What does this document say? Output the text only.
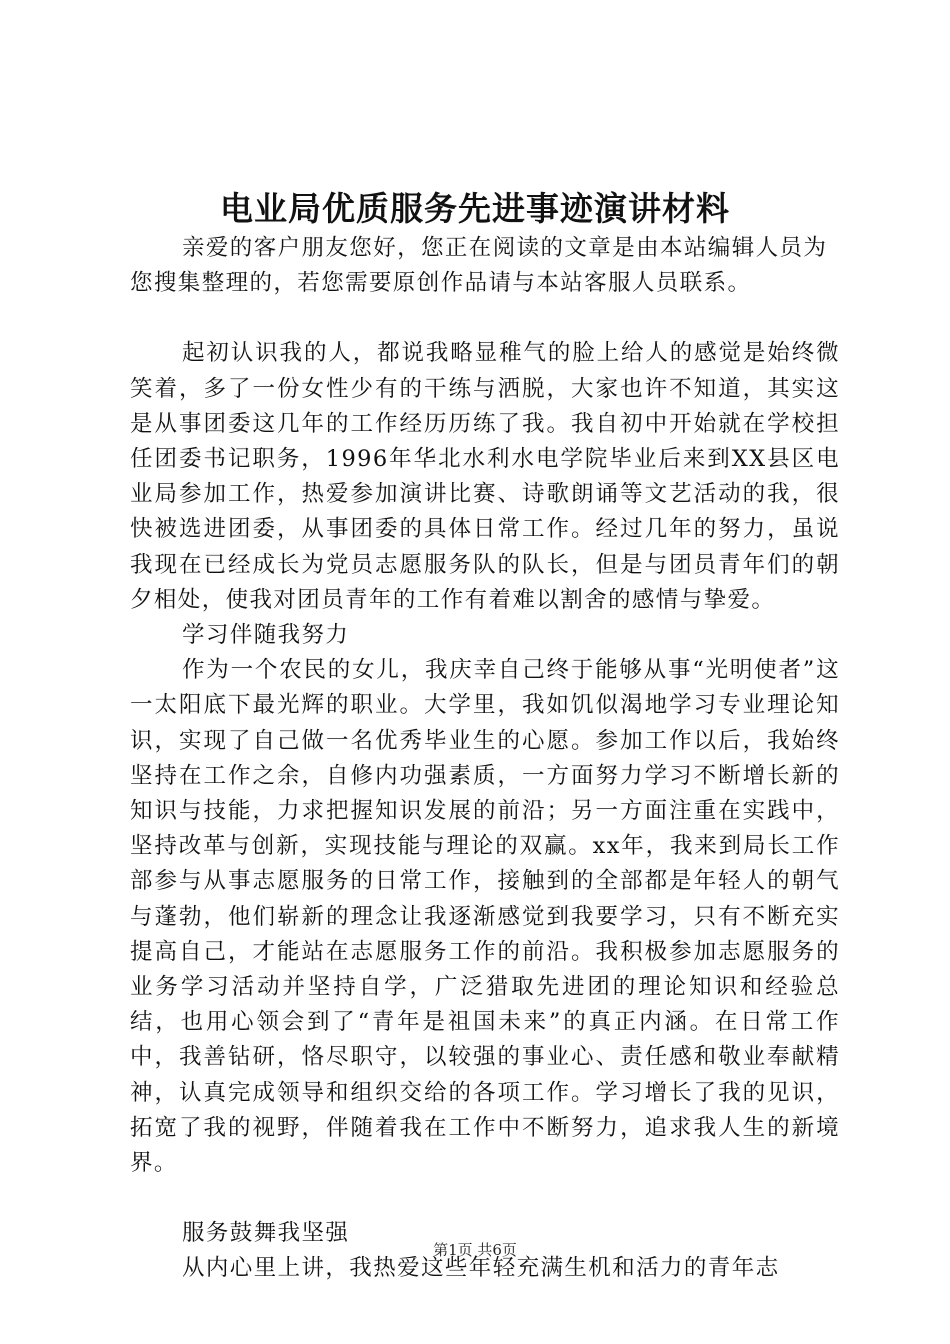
电业局优质服务先进事迹演讲材料

亲爱的客户朋友您好，您正在阅读的文章是由本站编辑人员为您搜集整理的，若您需要原创作品请与本站客服人员联系。

起初认识我的人，都说我略显稚气的脸上给人的感觉是始终微笑着，多了一份女性少有的干练与洒脱，大家也许不知道，其实这是从事团委这几年的工作经历历练了我。我自初中开始就在学校担任团委书记职务，1996年华北水利水电学院毕业后来到XX县区电业局参加工作，热爱参加演讲比赛、诗歌朗诵等文艺活动的我，很快被选进团委，从事团委的具体日常工作。经过几年的努力，虽说我现在已经成长为党员志愿服务队的队长，但是与团员青年们的朝夕相处，使我对团员青年的工作有着难以割舍的感情与挚爱。

学习伴随我努力

作为一个农民的女儿，我庆幸自己终于能够从事“光明使者”这一太阳底下最光辉的职业。大学里，我如饥似渴地学习专业理论知识，实现了自己做一名优秀毕业生的心愿。参加工作以后，我始终坚持在工作之余，自修内功强素质，一方面努力学习不断增长新的知识与技能，力求把握知识发展的前沿；另一方面注重在实践中，坚持改革与创新，实现技能与理论的双赢。xx年，我来到局长工作部参与从事志愿服务的日常工作，接触到的全部都是年轻人的朝气与蓬勃，他们崭新的理念让我逐渐感觉到我要学习，只有不断充实提高自己，才能站在志愿服务工作的前沿。我积极参加志愿服务的业务学习活动并坚持自学，广泛猎取先进团的理论知识和经验总结，也用心领会到了“青年是祖国未来”的真正内涵。在日常工作中，我善钻研，恪尽职守，以较强的事业心、责任感和敬业奉献精神，认真完成领导和组织交给的各项工作。学习增长了我的见识，拓宽了我的视野，伴随着我在工作中不断努力，追求我人生的新境界。

服务鼓舞我坚强

从内心里上讲，我热爱这些年轻充满生机和活力的青年志

第1页 共6页
